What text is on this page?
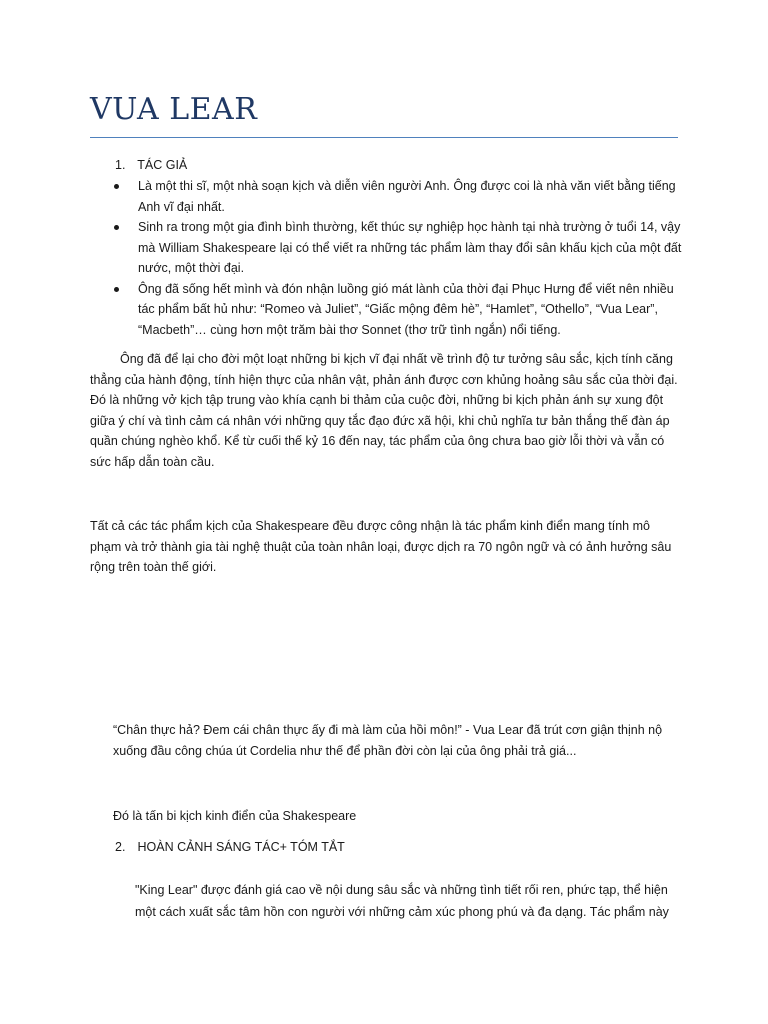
VUA LEAR
1. TÁC GIẢ
Là một thi sĩ, một nhà soạn kịch và diễn viên người Anh. Ông được coi là nhà văn viết bằng tiếng Anh vĩ đại nhất.
Sinh ra trong một gia đình bình thường, kết thúc sự nghiệp học hành tại nhà trường ở tuổi 14, vậy mà William Shakespeare lại có thể viết ra những tác phẩm làm thay đổi sân khấu kịch của một đất nước, một thời đại.
Ông đã sống hết mình và đón nhận luồng gió mát lành của thời đại Phục Hưng để viết nên nhiều tác phẩm bất hủ như: “Romeo và Juliet”, “Giấc mộng đêm hè”, “Hamlet”, “Othello”, “Vua Lear”, “Macbeth”… cùng hơn một trăm bài thơ Sonnet (thơ trữ tình ngắn) nổi tiếng.

Ông đã để lại cho đời một loạt những bi kịch vĩ đại nhất về trình độ tư tưởng sâu sắc, kịch tính căng thẳng của hành động, tính hiện thực của nhân vật, phản ánh được cơn khủng hoảng sâu sắc của thời đại. Đó là những vở kịch tập trung vào khía cạnh bi thảm của cuộc đời, những bi kịch phản ánh sự xung đột giữa ý chí và tình cảm cá nhân với những quy tắc đạo đức xã hội, khi chủ nghĩa tư bản thắng thế đàn áp quần chúng nghèo khổ. Kể từ cuối thế kỷ 16 đến nay, tác phẩm của ông chưa bao giờ lỗi thời và vẫn có sức hấp dẫn toàn cầu.

Tất cả các tác phẩm kịch của Shakespeare đều được công nhận là tác phẩm kinh điển mang tính mô phạm và trở thành gia tài nghệ thuật của toàn nhân loại, được dịch ra 70 ngôn ngữ và có ảnh hưởng sâu rộng trên toàn thế giới.

“Chân thực hả? Đem cái chân thực ấy đi mà làm của hồi môn!” - Vua Lear đã trút cơn giận thịnh nộ xuống đầu công chúa út Cordelia như thế để phần đời còn lại của ông phải trả giá...

Đó là tấn bi kịch kinh điển của Shakespeare

2. HOÀN CẢNH SÁNG TÁC+ TÓM TẮT

"King Lear" được đánh giá cao về nội dung sâu sắc và những tình tiết rối ren, phức tạp, thể hiện một cách xuất sắc tâm hồn con người với những cảm xúc phong phú và đa dạng. Tác phẩm này
